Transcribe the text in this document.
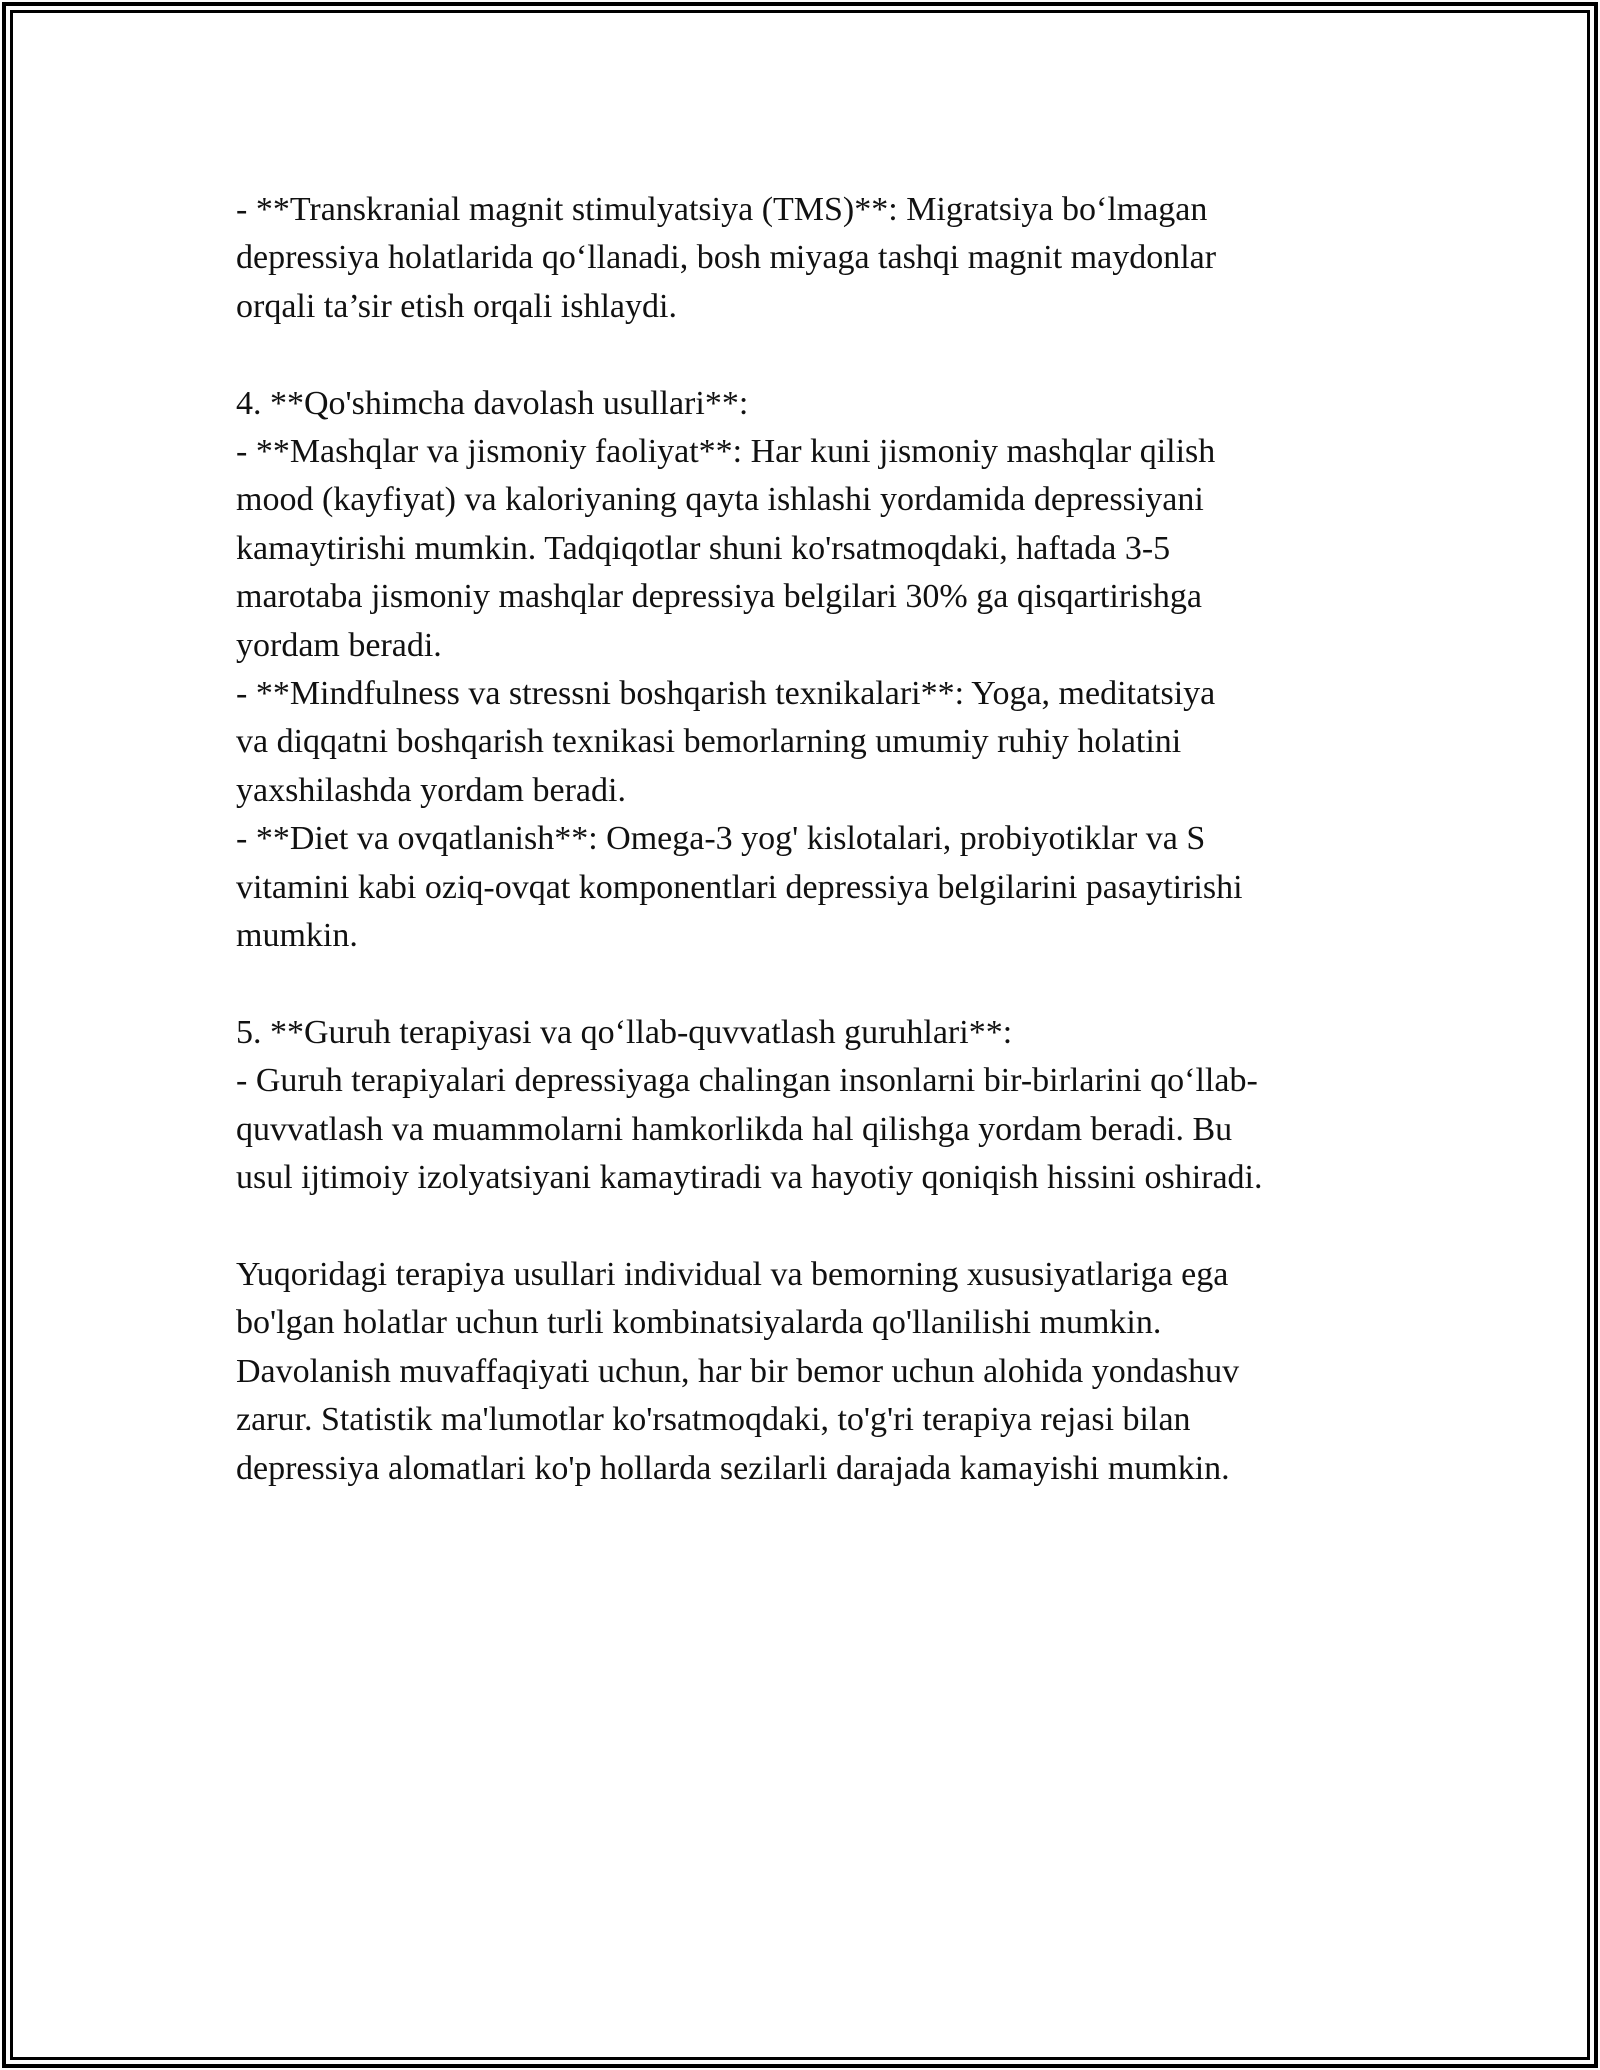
- **Transkranial magnit stimulyatsiya (TMS)**: Migratsiya bo‘lmagan
depressiya holatlarida qo‘llanadi, bosh miyaga tashqi magnit maydonlar
orqali ta’sir etish orqali ishlaydi.

4. **Qo'shimcha davolash usullari**:
- **Mashqlar va jismoniy faoliyat**: Har kuni jismoniy mashqlar qilish
mood (kayfiyat) va kaloriyaning qayta ishlashi yordamida depressiyani
kamaytirishi mumkin. Tadqiqotlar shuni ko'rsatmoqdaki, haftada 3-5
marotaba jismoniy mashqlar depressiya belgilari 30% ga qisqartirishga
yordam beradi.
- **Mindfulness va stressni boshqarish texnikalari**: Yoga, meditatsiya
va diqqatni boshqarish texnikasi bemorlarning umumiy ruhiy holatini
yaxshilashda yordam beradi.
- **Diet va ovqatlanish**: Omega-3 yog' kislotalari, probiyotiklar va S
vitamini kabi oziq-ovqat komponentlari depressiya belgilarini pasaytirishi
mumkin.

5. **Guruh terapiyasi va qo‘llab-quvvatlash guruhlari**:
- Guruh terapiyalari depressiyaga chalingan insonlarni bir-birlarini qo‘llab-
quvvatlash va muammolarni hamkorlikda hal qilishga yordam beradi. Bu
usul ijtimoiy izolyatsiyani kamaytiradi va hayotiy qoniqish hissini oshiradi.

Yuqoridagi terapiya usullari individual va bemorning xususiyatlariga ega
bo'lgan holatlar uchun turli kombinatsiyalarda qo'llanilishi mumkin.
Davolanish muvaffaqiyati uchun, har bir bemor uchun alohida yondashuv
zarur. Statistik ma'lumotlar ko'rsatmoqdaki, to'g'ri terapiya rejasi bilan
depressiya alomatlari ko'p hollarda sezilarli darajada kamayishi mumkin.
